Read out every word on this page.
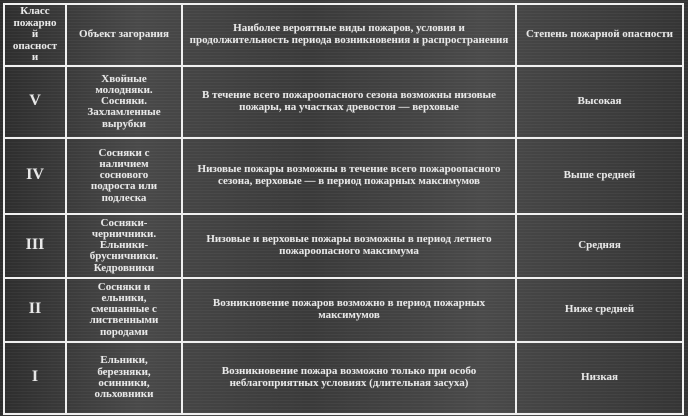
Класс
пожарно
й
опасност
и	Объект загорания	Наиболее вероятные виды пожаров, условия и продолжительность периода возникновения и распространения	Степень пожарной опасности
V	Хвойные
молодняки.
Сосняки.
Захламленные
вырубки	В течение всего пожароопасного сезона возможны низовые пожары, на участках древостоя — верховые	Высокая
IV	Сосняки с
наличием
соснового
подроста или
подлеска	Низовые пожары возможны в течение всего пожароопасного сезона, верховые — в период пожарных максимумов	Выше средней
III	Сосняки-
черничники.
Ельники-
брусничники.
Кедровники	Низовые и верховые пожары возможны в период летнего пожароопасного максимума	Средняя
II	Сосняки и
ельники,
смешанные с
лиственными
породами	Возникновение пожаров возможно в период пожарных максимумов	Ниже средней
I	Ельники,
березняки,
осинники,
ольховники	Возникновение пожара возможно только при особо неблагоприятных условиях (длительная засуха)	Низкая
